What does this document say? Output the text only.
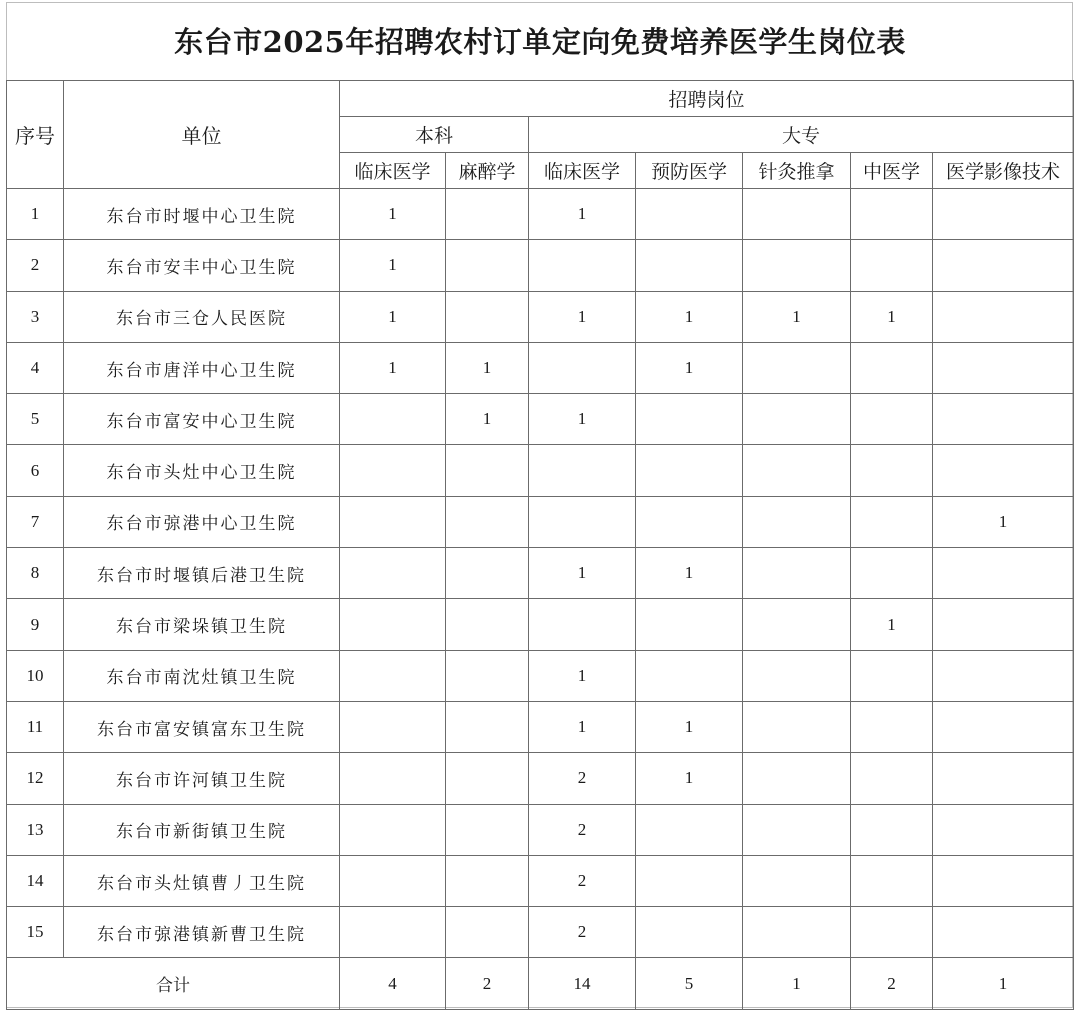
东台市2025年招聘农村订单定向免费培养医学生岗位表
序号	单位	招聘岗位						
		本科		大专				
		临床医学	麻醉学	临床医学	预防医学	针灸推拿	中医学	医学影像技术
1	东台市时堰中心卫生院	1		1				
2	东台市安丰中心卫生院	1						
3	东台市三仓人民医院	1		1	1	1	1	
4	东台市唐洋中心卫生院	1	1		1			
5	东台市富安中心卫生院		1	1				
6	东台市头灶中心卫生院							
7	东台市弶港中心卫生院							1
8	东台市时堰镇后港卫生院			1	1			
9	东台市梁垛镇卫生院						1	
10	东台市南沈灶镇卫生院			1				
11	东台市富安镇富东卫生院			1	1			
12	东台市许河镇卫生院			2	1			
13	东台市新街镇卫生院			2				
14	东台市头灶镇曹丿卫生院			2				
15	东台市弶港镇新曹卫生院			2				
合计		4	2	14	5	1	2	1
